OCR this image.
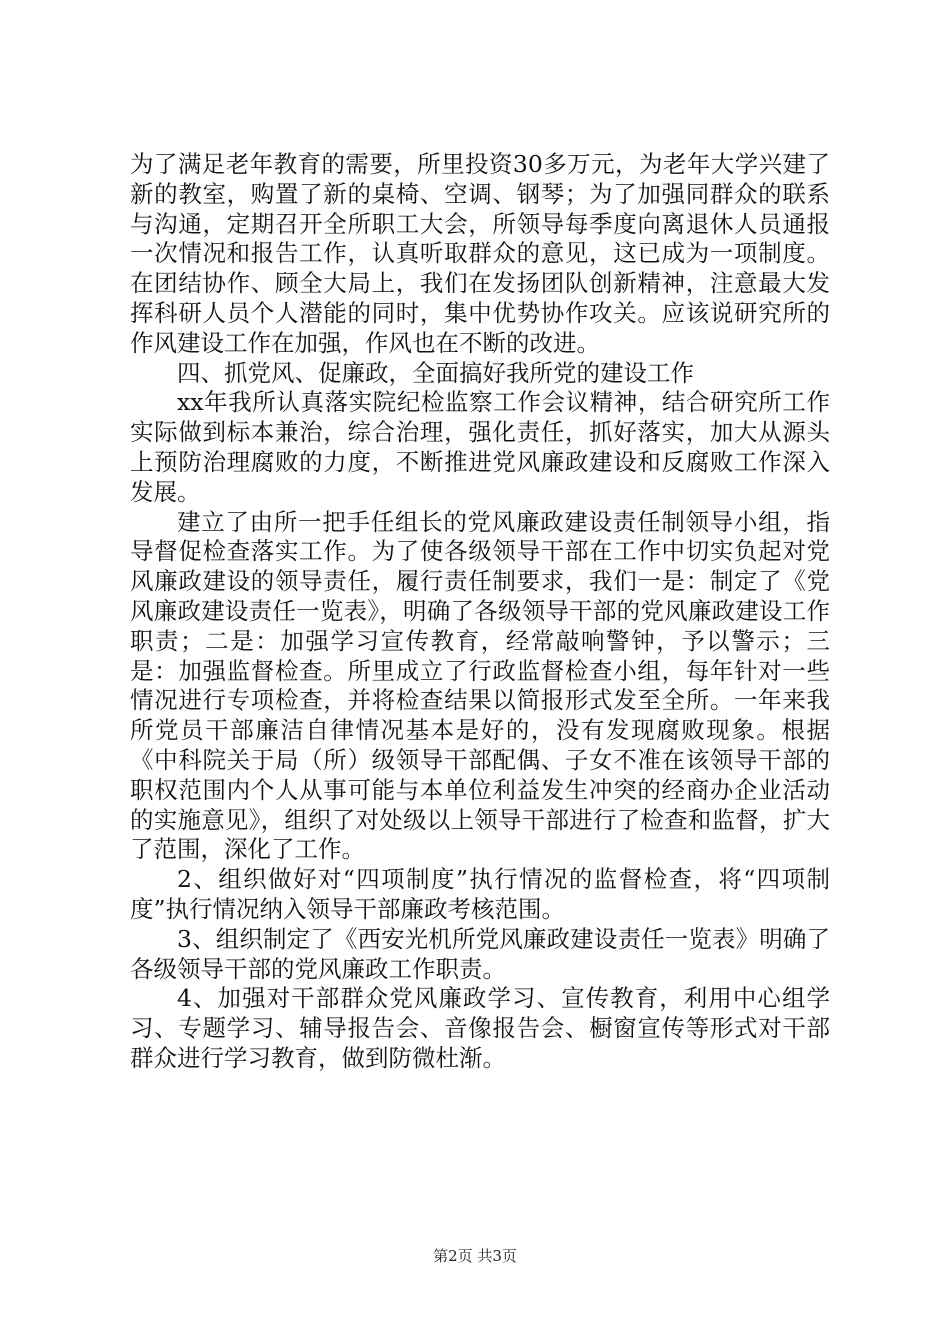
为了满足老年教育的需要，所里投资30多万元，为老年大学兴建了新的教室，购置了新的桌椅、空调、钢琴；为了加强同群众的联系与沟通，定期召开全所职工大会，所领导每季度向离退休人员通报一次情况和报告工作，认真听取群众的意见，这已成为一项制度。在团结协作、顾全大局上，我们在发扬团队创新精神，注意最大发挥科研人员个人潜能的同时，集中优势协作攻关。应该说研究所的作风建设工作在加强，作风也在不断的改进。

四、抓党风、促廉政，全面搞好我所党的建设工作

xx年我所认真落实院纪检监察工作会议精神，结合研究所工作实际做到标本兼治，综合治理，强化责任，抓好落实，加大从源头上预防治理腐败的力度，不断推进党风廉政建设和反腐败工作深入发展。

建立了由所一把手任组长的党风廉政建设责任制领导小组，指导督促检查落实工作。为了使各级领导干部在工作中切实负起对党风廉政建设的领导责任，履行责任制要求，我们一是：制定了《党风廉政建设责任一览表》，明确了各级领导干部的党风廉政建设工作职责；二是：加强学习宣传教育，经常敲响警钟，予以警示；三是：加强监督检查。所里成立了行政监督检查小组，每年针对一些情况进行专项检查，并将检查结果以简报形式发至全所。一年来我所党员干部廉洁自律情况基本是好的，没有发现腐败现象。根据《中科院关于局（所）级领导干部配偶、子女不准在该领导干部的职权范围内个人从事可能与本单位利益发生冲突的经商办企业活动的实施意见》，组织了对处级以上领导干部进行了检查和监督，扩大了范围，深化了工作。

2、组织做好对“四项制度”执行情况的监督检查，将“四项制度”执行情况纳入领导干部廉政考核范围。

3、组织制定了《西安光机所党风廉政建设责任一览表》明确了各级领导干部的党风廉政工作职责。

4、加强对干部群众党风廉政学习、宣传教育，利用中心组学习、专题学习、辅导报告会、音像报告会、橱窗宣传等形式对干部群众进行学习教育，做到防微杜渐。

第2页 共3页
